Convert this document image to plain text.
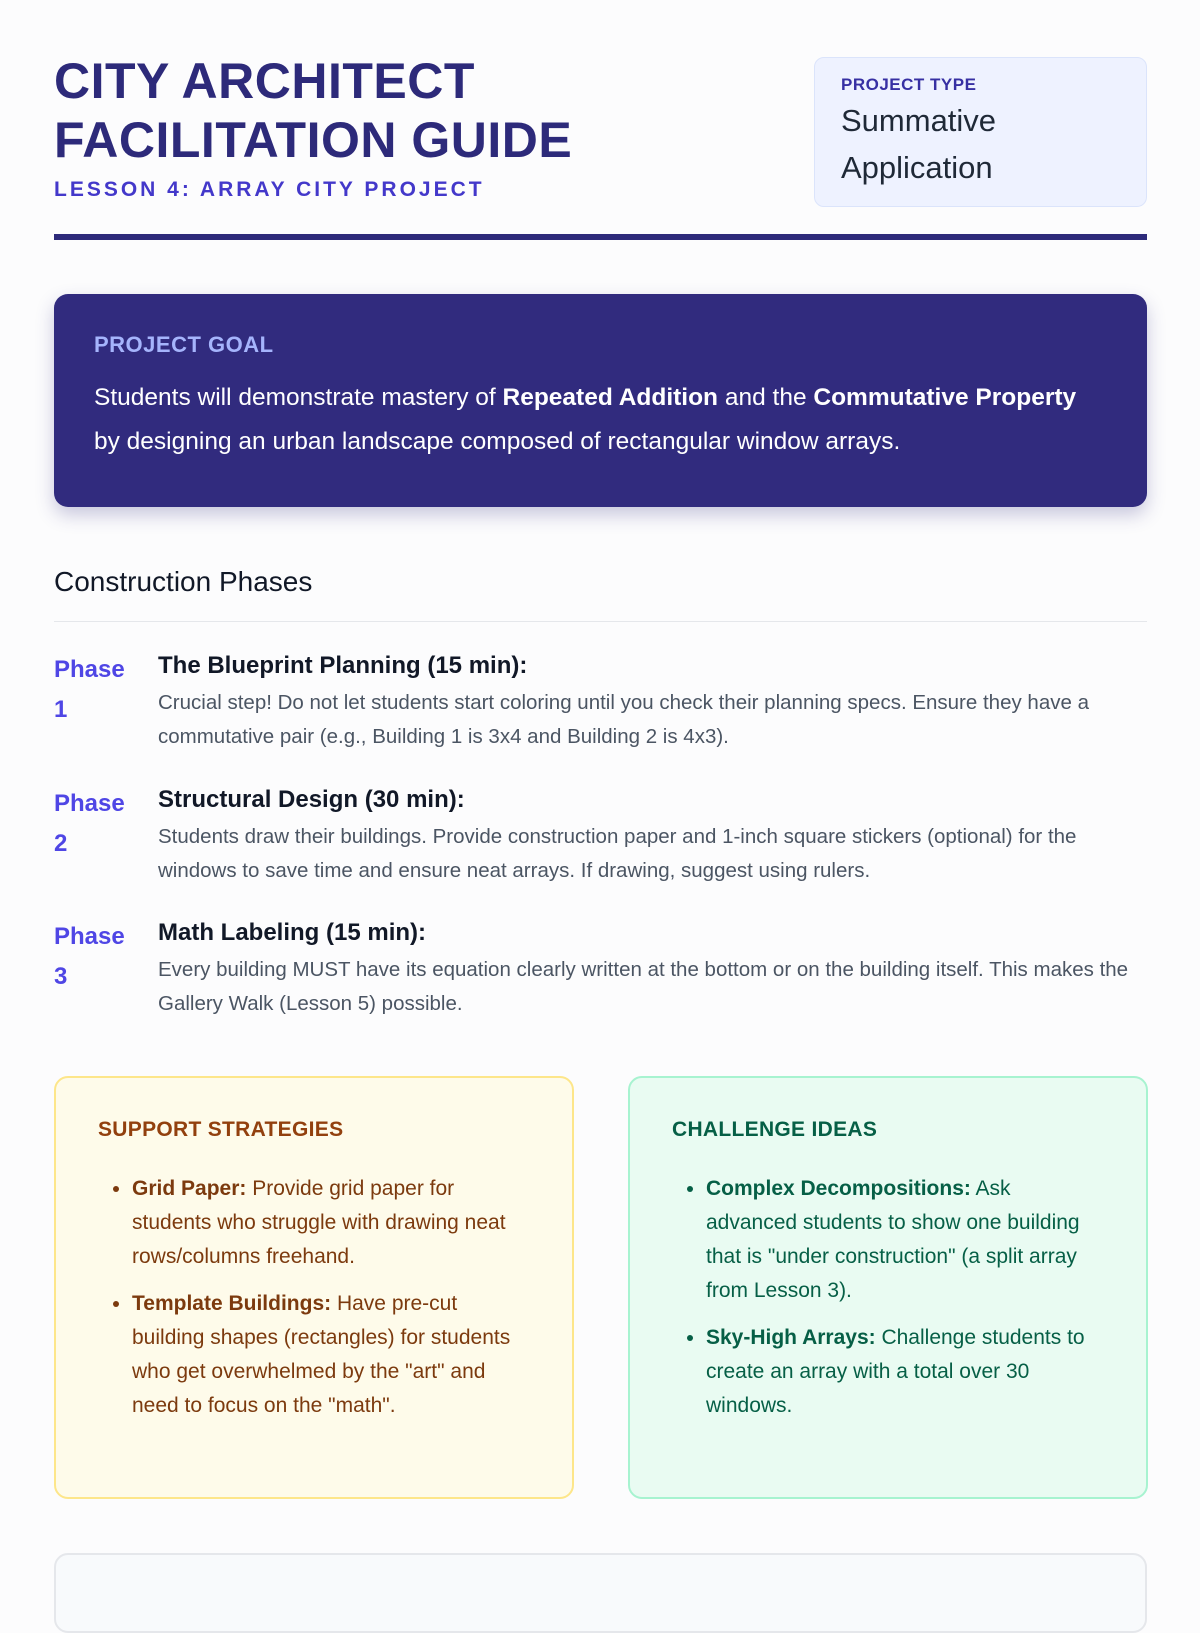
CITY ARCHITECT
FACILITATION GUIDE
LESSON 4: ARRAY CITY PROJECT
PROJECT TYPE
Summative
Application
PROJECT GOAL
Students will demonstrate mastery of Repeated Addition and the Commutative Property by designing an urban landscape composed of rectangular window arrays.
Construction Phases
Phase
1
The Blueprint Planning (15 min):
Crucial step! Do not let students start coloring until you check their planning specs. Ensure they have a commutative pair (e.g., Building 1 is 3x4 and Building 2 is 4x3).
Phase
2
Structural Design (30 min):
Students draw their buildings. Provide construction paper and 1-inch square stickers (optional) for the windows to save time and ensure neat arrays. If drawing, suggest using rulers.
Phase
3
Math Labeling (15 min):
Every building MUST have its equation clearly written at the bottom or on the building itself. This makes the Gallery Walk (Lesson 5) possible.
SUPPORT STRATEGIES
• Grid Paper: Provide grid paper for students who struggle with drawing neat rows/columns freehand.
• Template Buildings: Have pre-cut building shapes (rectangles) for students who get overwhelmed by the "art" and need to focus on the "math".
CHALLENGE IDEAS
• Complex Decompositions: Ask advanced students to show one building that is "under construction" (a split array from Lesson 3).
• Sky-High Arrays: Challenge students to create an array with a total over 30 windows.
